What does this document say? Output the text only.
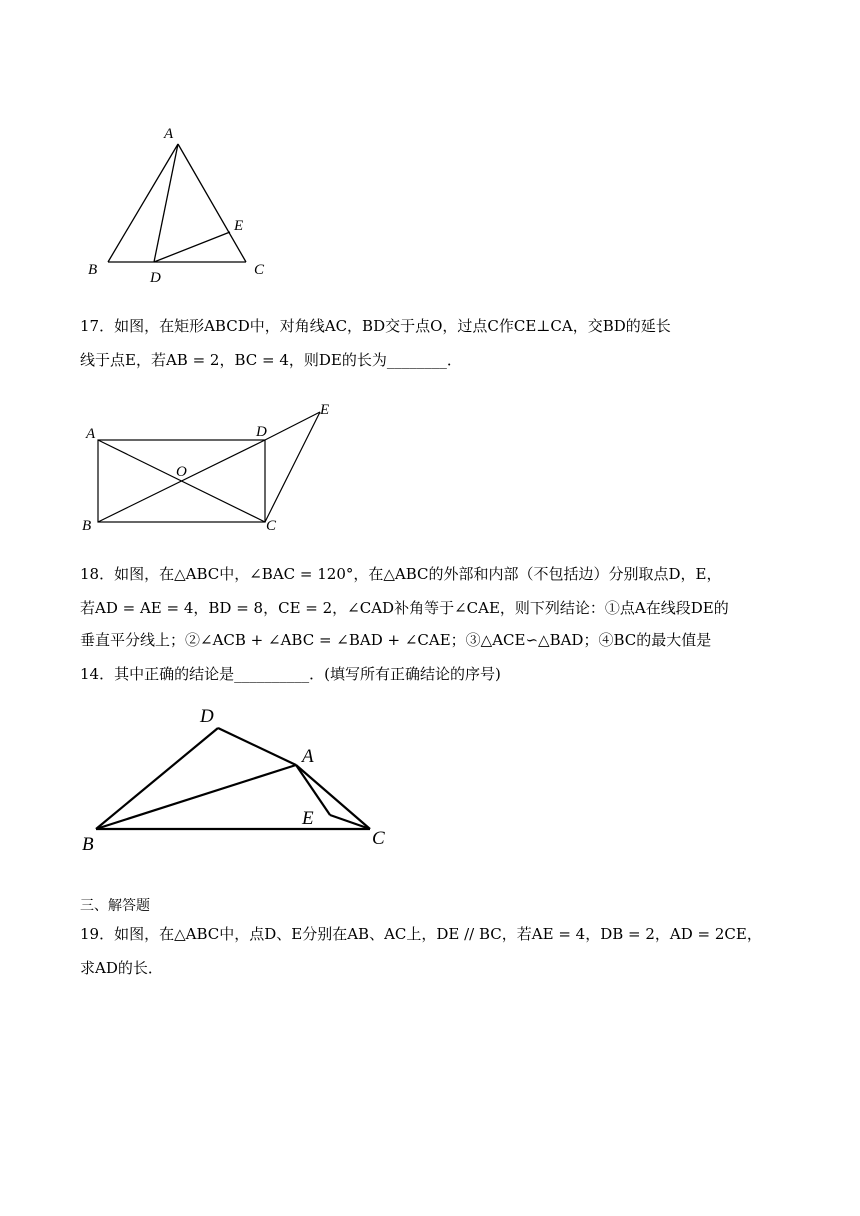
A
B	C
D
E
17．如图，在矩形ABCD中，对角线AC，BD交于点O，过点C作CE⊥CA，交BD的延长
线于点E，若AB = 2，BC = 4，则DE的长为________．
A
B	C
D
E
O
18．如图，在△ABC中，∠BAC = 120°，在△ABC的外部和内部（不包括边）分别取点D，E，
若AD = AE = 4，BD = 8，CE = 2，∠CAD补角等于∠CAE，则下列结论：①点A在线段DE的
垂直平分线上；②∠ACB + ∠ABC = ∠BAD + ∠CAE；③△ACE∽△BAD；④BC的最大值是
14．其中正确的结论是__________．(填写所有正确结论的序号)
D
A
B	C
E
三、解答题
19．如图，在△ABC中，点D、E分别在AB、AC上，DE // BC，若AE = 4，DB = 2，AD = 2CE，
求AD的长．
